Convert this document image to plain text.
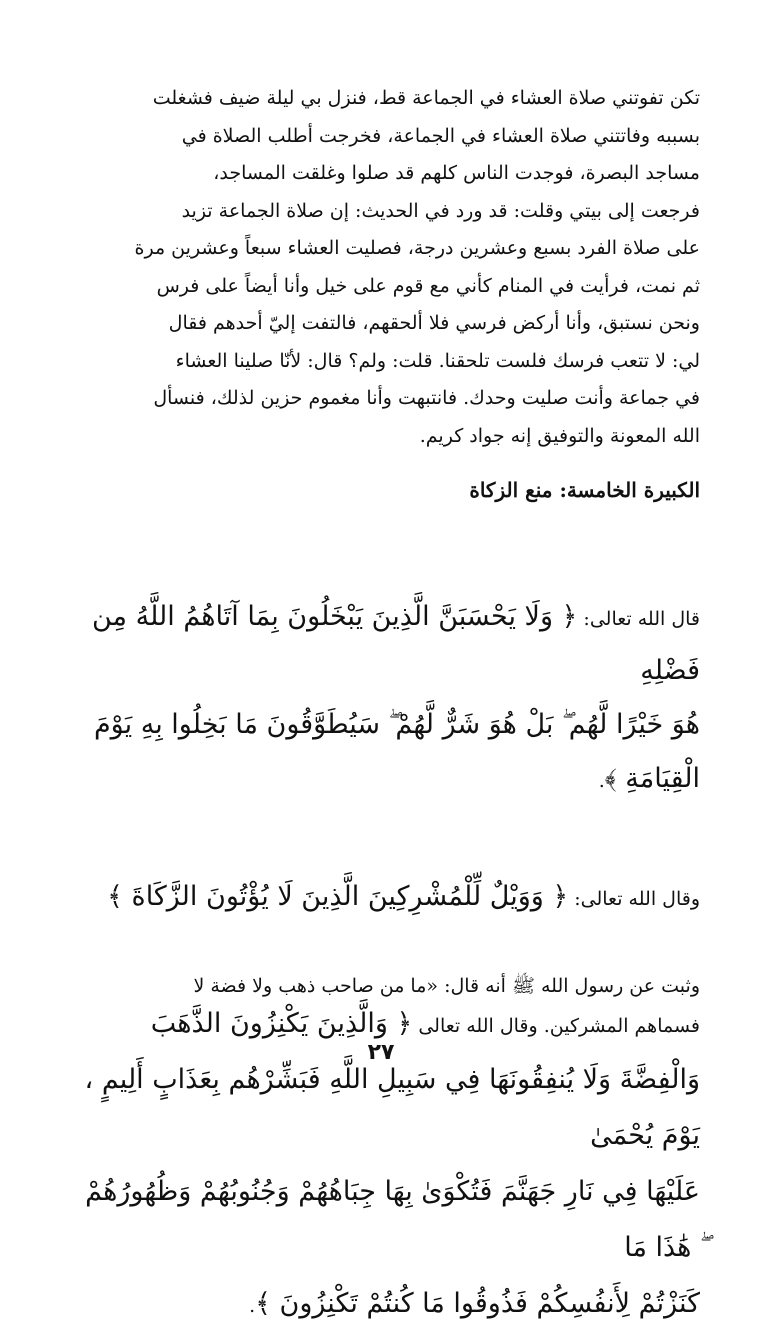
تكن تفوتني صلاة العشاء في الجماعة قط، فنزل بي ليلة ضيف فشغلت
بسببه وفاتتني صلاة العشاء في الجماعة، فخرجت أطلب الصلاة في
مساجد البصرة، فوجدت الناس كلهم قد صلوا وغلقت المساجد،
فرجعت إلى بيتي وقلت: قد ورد في الحديث: إن صلاة الجماعة تزيد
على صلاة الفرد بسبع وعشرين درجة، فصليت العشاء سبعاً وعشرين مرة
ثم نمت، فرأيت في المنام كأني مع قوم على خيل وأنا أيضاً على فرس
ونحن نستبق، وأنا أركض فرسي فلا ألحقهم، فالتفت إليّ أحدهم فقال
لي: لا تتعب فرسك فلست تلحقنا. قلت: ولم؟ قال: لأنّا صلينا العشاء
في جماعة وأنت صليت وحدك. فانتبهت وأنا مغموم حزين لذلك، فنسأل
الله المعونة والتوفيق إنه جواد كريم.

الكبيرة الخامسة: منع الزكاة

قال الله تعالى: ﴿ وَلَا يَحْسَبَنَّ الَّذِينَ يَبْخَلُونَ بِمَا آتَاهُمُ اللَّهُ مِن فَضْلِهِ
هُوَ خَيْرًا لَّهُم ۖ بَلْ هُوَ شَرٌّ لَّهُمْ ۖ سَيُطَوَّقُونَ مَا بَخِلُوا بِهِ يَوْمَ الْقِيَامَةِ ﴾.

وقال الله تعالى: ﴿ وَوَيْلٌ لِّلْمُشْرِكِينَ الَّذِينَ لَا يُؤْتُونَ الزَّكَاةَ ﴾

فسماهم المشركين. وقال الله تعالى ﴿ وَالَّذِينَ يَكْنِزُونَ الذَّهَبَ
وَالْفِضَّةَ وَلَا يُنفِقُونَهَا فِي سَبِيلِ اللَّهِ فَبَشِّرْهُم بِعَذَابٍ أَلِيمٍ ، يَوْمَ يُحْمَىٰ
عَلَيْهَا فِي نَارِ جَهَنَّمَ فَتُكْوَىٰ بِهَا جِبَاهُهُمْ وَجُنُوبُهُمْ وَظُهُورُهُمْ ۖ هَٰذَا مَا
كَنَزْتُمْ لِأَنفُسِكُمْ فَذُوقُوا مَا كُنتُمْ تَكْنِزُونَ ﴾.

وثبت عن رسول الله ﷺ أنه قال: «ما من صاحب ذهب ولا فضة لا

٢٧
